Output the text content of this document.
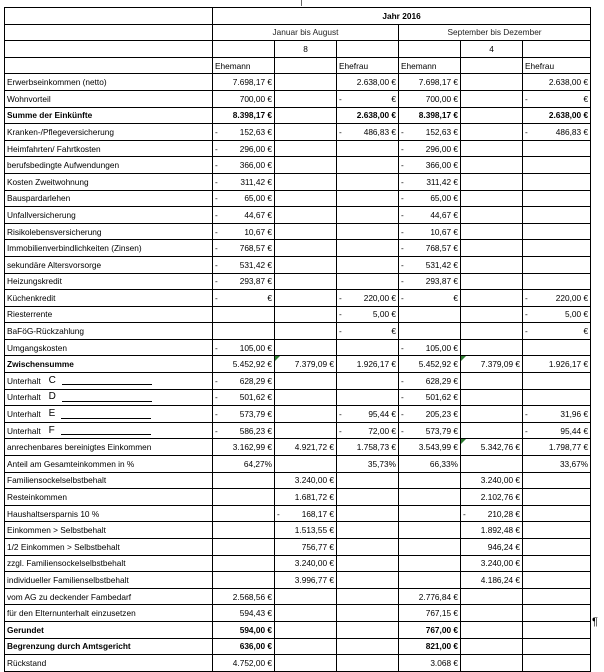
	Jahr 2016					
	Januar bis August			September bis Dezember		
		8			4	
	Ehemann		Ehefrau	Ehemann		Ehefrau

Erwerbseinkommen (netto)	7.698,17 €		2.638,00 €	7.698,17 €		2.638,00 €

Wohnvorteil	700,00 €		- €	700,00 €		- €

Summe der Einkünfte	8.398,17 €		2.638,00 €	8.398,17 €		2.638,00 €

Kranken-/Pflegeversicherung	- 152,63 €		- 486,83 €	- 152,63 €		- 486,83 €

Heimfahrten/ Fahrtkosten	- 296,00 €			- 296,00 €		

berufsbedingte Aufwendungen	- 366,00 €			- 366,00 €		

Kosten Zweitwohnung	- 311,42 €			- 311,42 €		

Bauspardarlehen	- 65,00 €			- 65,00 €		

Unfallversicherung	- 44,67 €			- 44,67 €		

Risikolebensversicherung	- 10,67 €			- 10,67 €		

Immobilienverbindlichkeiten (Zinsen)	- 768,57 €			- 768,57 €		

sekundäre Altersvorsorge	- 531,42 €			- 531,42 €		

Heizungskredit	- 293,87 €			- 293,87 €		

Küchenkredit	- €		- 220,00 €	- €		- 220,00 €

Riesterrente			- 5,00 €			- 5,00 €

BaFöG-Rückzahlung			- €			- €

Umgangskosten	- 105,00 €			- 105,00 €		

Zwischensumme	5.452,92 €	7.379,09 €	1.926,17 €	5.452,92 €	7.379,09 €	1.926,17 €

Unterhalt C	- 628,29 €			- 628,29 €		

Unterhalt D	- 501,62 €			- 501,62 €		

Unterhalt E	- 573,79 €		- 95,44 €	- 205,23 €		- 31,96 €

Unterhalt F	- 586,23 €		- 72,00 €	- 573,79 €		- 95,44 €

anrechenbares bereinigtes Einkommen	3.162,99 €	4.921,72 €	1.758,73 €	3.543,99 €	5.342,76 €	1.798,77 €

Anteil am Gesamteinkommen in %	64,27%		35,73%	66,33%		33,67%

Familiensockelselbstbehalt		3.240,00 €			3.240,00 €	

Resteinkommen		1.681,72 €			2.102,76 €	

Haushaltsersparnis 10 %		- 168,17 €			- 210,28 €	

Einkommen > Selbstbehalt		1.513,55 €			1.892,48 €	

1/2 Einkommen > Selbstbehalt		756,77 €			946,24 €	

zzgl. Familiensockelselbstbehalt		3.240,00 €			3.240,00 €	

individueller Familienselbstbehalt		3.996,77 €			4.186,24 €	

vom AG zu deckender Fambedarf	2.568,56 €			2.776,84 €		

für den Elternunterhalt einzusetzen	594,43 €			767,15 €		

Gerundet	594,00 €			767,00 €		

Begrenzung durch Amtsgericht	636,00 €			821,00 €		

Rückstand	4.752,00 €			3.068 €		

¶
